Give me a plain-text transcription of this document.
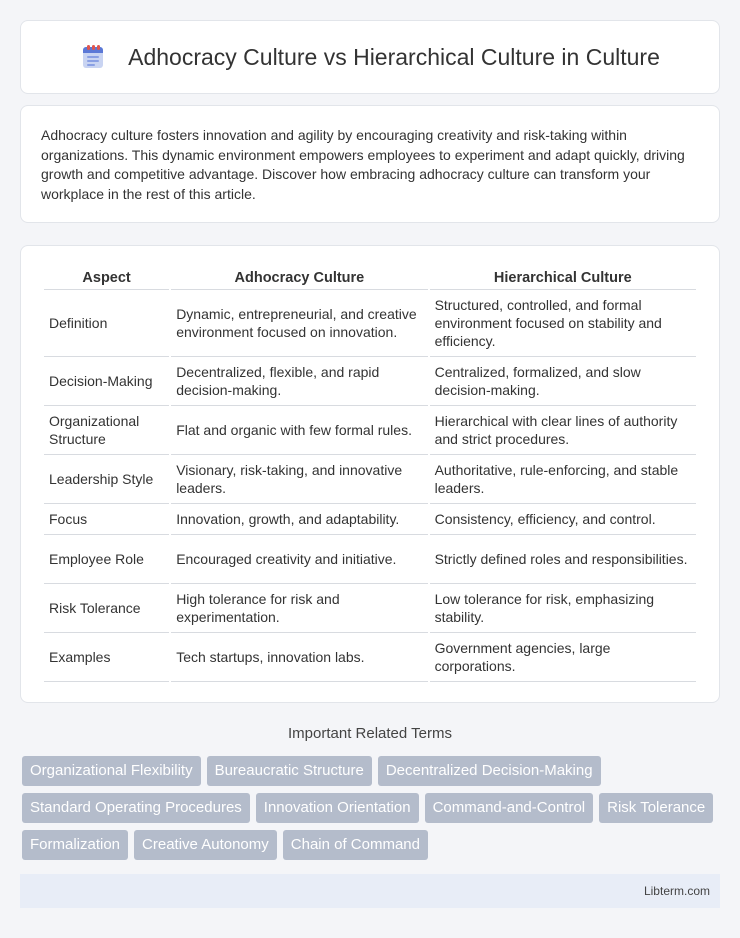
Adhocracy Culture vs Hierarchical Culture in Culture

Adhocracy culture fosters innovation and agility by encouraging creativity and risk-taking within organizations. This dynamic environment empowers employees to experiment and adapt quickly, driving growth and competitive advantage. Discover how embracing adhocracy culture can transform your workplace in the rest of this article.

Aspect	Adhocracy Culture	Hierarchical Culture
Definition	Dynamic, entrepreneurial, and creative environment focused on innovation.	Structured, controlled, and formal environment focused on stability and efficiency.
Decision-Making	Decentralized, flexible, and rapid decision-making.	Centralized, formalized, and slow decision-making.
Organizational Structure	Flat and organic with few formal rules.	Hierarchical with clear lines of authority and strict procedures.
Leadership Style	Visionary, risk-taking, and innovative leaders.	Authoritative, rule-enforcing, and stable leaders.
Focus	Innovation, growth, and adaptability.	Consistency, efficiency, and control.
Employee Role	Encouraged creativity and initiative.	Strictly defined roles and responsibilities.
Risk Tolerance	High tolerance for risk and experimentation.	Low tolerance for risk, emphasizing stability.
Examples	Tech startups, innovation labs.	Government agencies, large corporations.
Important Related Terms
Organizational Flexibility	Bureaucratic Structure	Decentralized Decision-Making
Standard Operating Procedures	Innovation Orientation	Command-and-Control	Risk Tolerance
Formalization	Creative Autonomy	Chain of Command
Libterm.com
